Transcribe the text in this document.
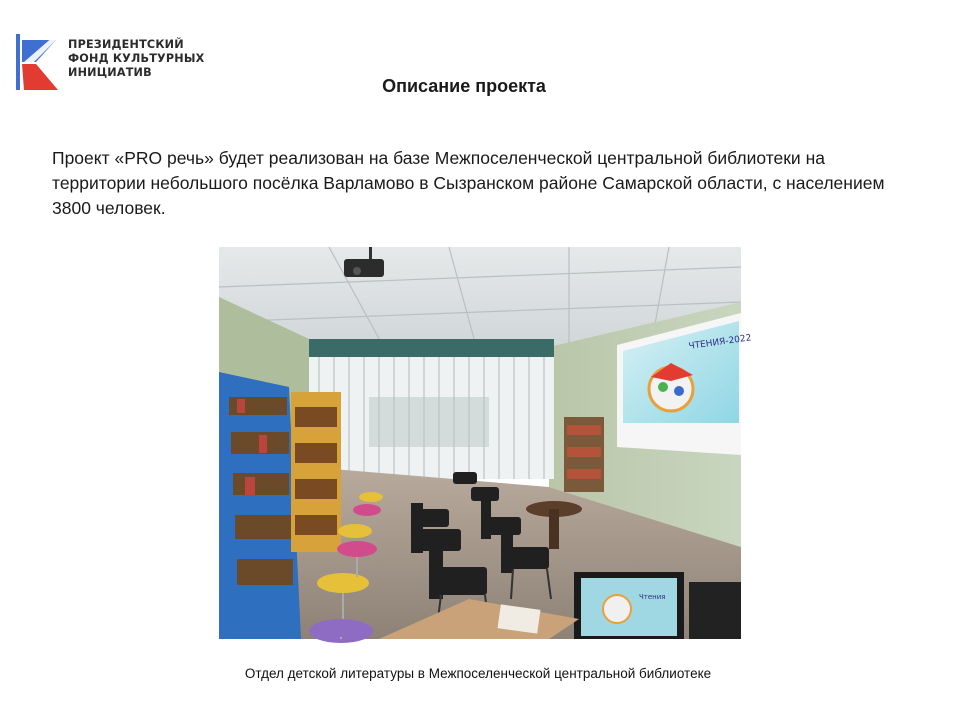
ПРЕЗИДЕНТСКИЙ
ФОНД КУЛЬТУРНЫХ
ИНИЦИАТИВ
Описание проекта
Проект «PRO речь» будет реализован на базе Межпоселенческой центральной библиотеки на территории небольшого посёлка Варламово в Сызранском районе Самарской области, с населением 3800 человек.
ЧТЕНИЯ-2022
Чтения
Отдел детской литературы в Межпоселенческой центральной библиотеке
